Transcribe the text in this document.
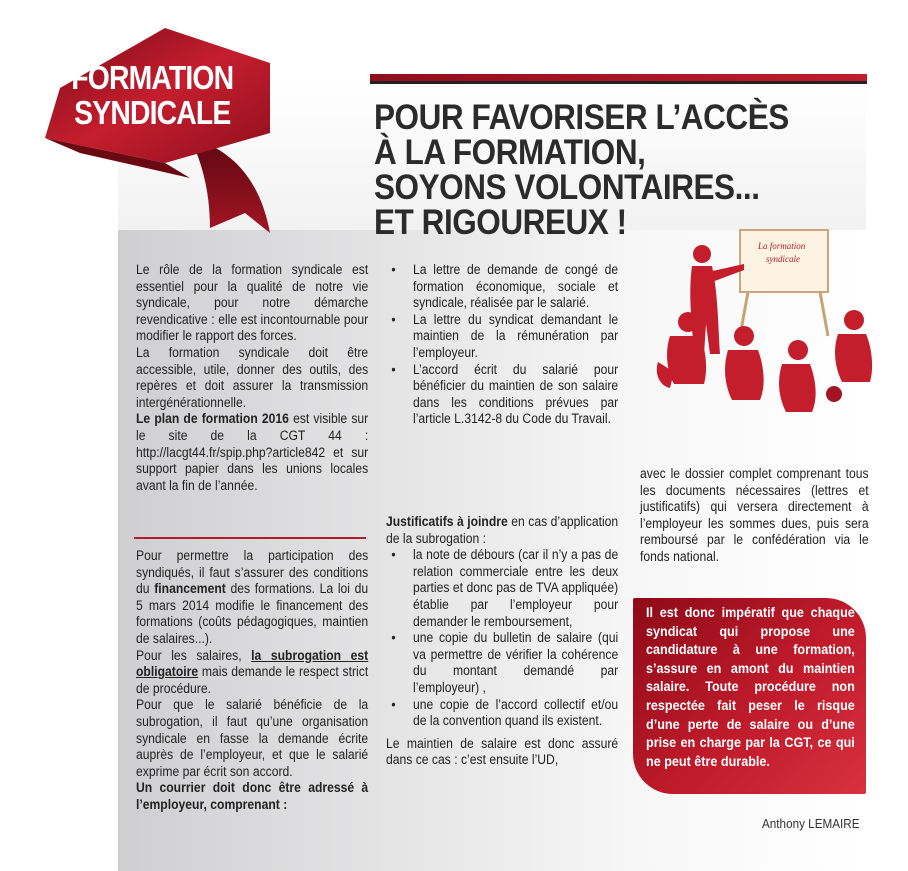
FORMATION
SYNDICALE	POUR FAVORISER L’ACCÈS
À LA FORMATION,
SOYONS VOLONTAIRES...
ET RIGOUREUX !
La formation
syndicale

Le rôle de la formation syndicale est essentiel pour la qualité de notre vie syndicale, pour notre démarche revendicative : elle est incontournable pour modifier le rapport des forces.

La formation syndicale doit être accessible, utile, donner des outils, des repères et doit assurer la transmission intergénérationnelle.

Le plan de formation 2016 est visible sur le site de la CGT 44 : http://lacgt44.fr/spip.php?article842 et sur support papier dans les unions locales avant la fin de l’année.

Pour permettre la participation des syndiqués, il faut s’assurer des conditions du financement des formations. La loi du 5 mars 2014 modifie le financement des formations (coûts pédagogiques, maintien de salaires...).

Pour les salaires, la subrogation est obligatoire mais demande le respect strict de procédure.

Pour que le salarié bénéficie de la subrogation, il faut qu’une organisation syndicale en fasse la demande écrite auprès de l’employeur, et que le salarié exprime par écrit son accord.

Un courrier doit donc être adressé à l’employeur, comprenant :

• La lettre de demande de congé de formation économique, sociale et syndicale, réalisée par le salarié.
• La lettre du syndicat demandant le maintien de la rémunération par l’employeur.
• L’accord écrit du salarié pour bénéficier du maintien de son salaire dans les conditions prévues par l’article L.3142-8 du Code du Travail.

Justificatifs à joindre en cas d’application de la subrogation :

• la note de débours (car il n’y a pas de relation commerciale entre les deux parties et donc pas de TVA appliquée) établie par l’employeur pour demander le remboursement,
• une copie du bulletin de salaire (qui va permettre de vérifier la cohérence du montant demandé par l’employeur) ,
• une copie de l’accord collectif et/ou de la convention quand ils existent.

Le maintien de salaire est donc assuré dans ce cas : c’est ensuite l’UD,

avec le dossier complet comprenant tous les documents nécessaires (lettres et justificatifs) qui versera directement à l’employeur les sommes dues, puis sera remboursé par le confédération via le fonds national.

Il est donc impératif que chaque syndicat qui propose une candidature à une formation, s’assure en amont du maintien salaire. Toute procédure non respectée fait peser le risque d’une perte de salaire ou d’une prise en charge par la CGT, ce qui ne peut être durable.
Anthony LEMAIRE
